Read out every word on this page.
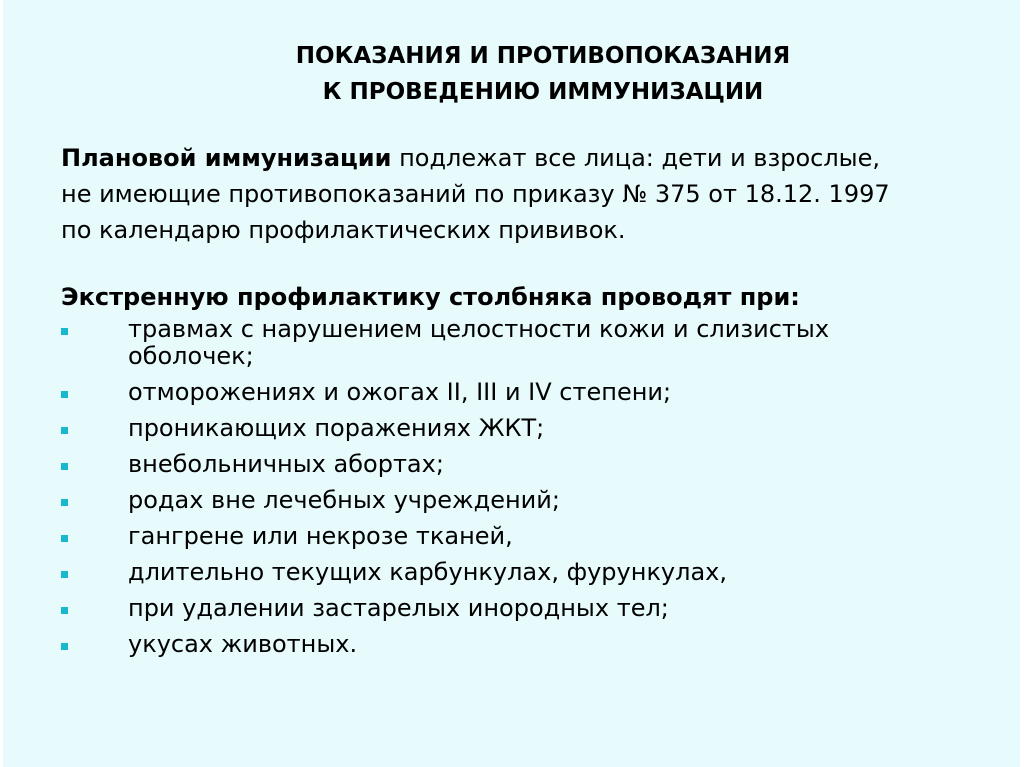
ПОКАЗАНИЯ И ПРОТИВОПОКАЗАНИЯ
К ПРОВЕДЕНИЮ ИММУНИЗАЦИИ
Плановой иммунизации подлежат все лица: дети и взрослые,
не имеющие противопоказаний по приказу № 375 от 18.12. 1997
по календарю профилактических прививок.
Экстренную профилактику столбняка проводят при:
травмах с нарушением целостности кожи и слизистых
оболочек;
отморожениях и ожогах II, III и IV степени;
проникающих поражениях ЖКТ;
внебольничных абортах;
родах вне лечебных учреждений;
гангрене или некрозе тканей,
длительно текущих карбункулах, фурункулах,
при удалении застарелых инородных тел;
укусах животных.
